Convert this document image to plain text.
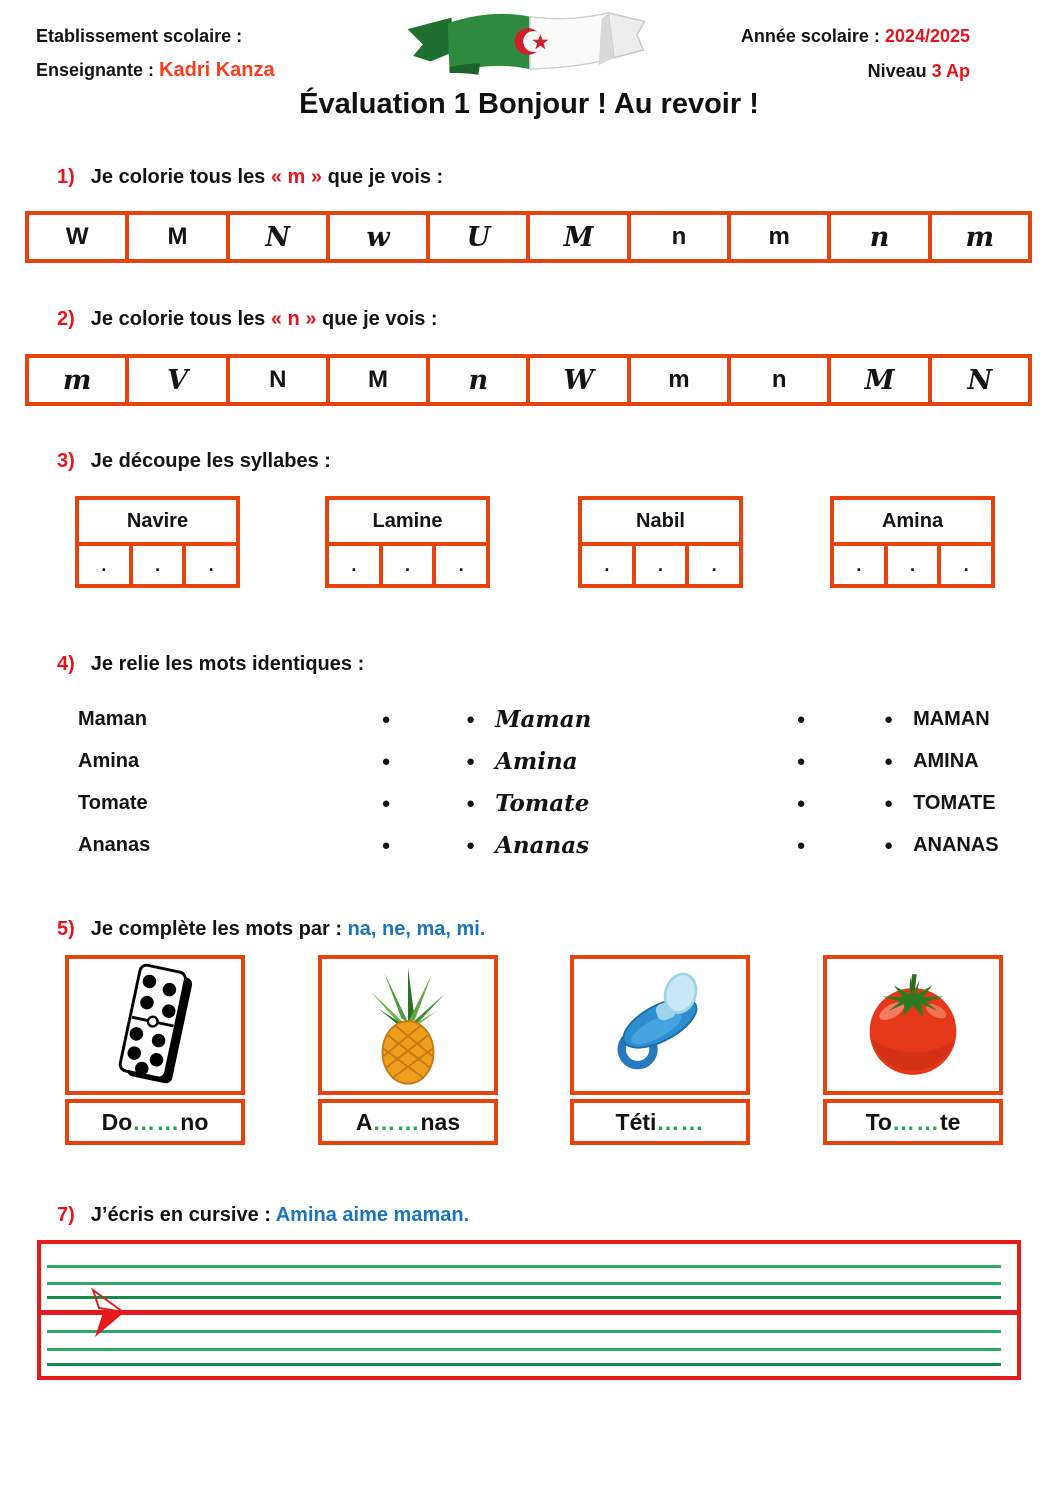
Etablissement scolaire :
Enseignante : Kadri Kanza
Année scolaire : 2024/2025
Niveau 3 Ap
Évaluation 1 Bonjour ! Au revoir !
1) Je colorie tous les « m » que je vois :
W	M	N	w	U	M	n	m	n	m
2) Je colorie tous les « n » que je vois :
m	V	N	M	n	W	m	n	M	N
3) Je découpe les syllabes :
Navire
.	.	.
Lamine
.	.	.
Nabil
.	.	.
Amina
.	.	.
4) Je relie les mots identiques :
Maman	●	● Maman	●	● MAMAN
Amina	●	● Amina	●	● AMINA
Tomate	●	● Tomate	●	● TOMATE
Ananas	●	● Ananas	●	● ANANAS
5) Je complète les mots par : na, ne, ma, mi.
Do …… no	A …… nas	Téti ……	To …… te
7) J’écris en cursive : Amina aime maman.
